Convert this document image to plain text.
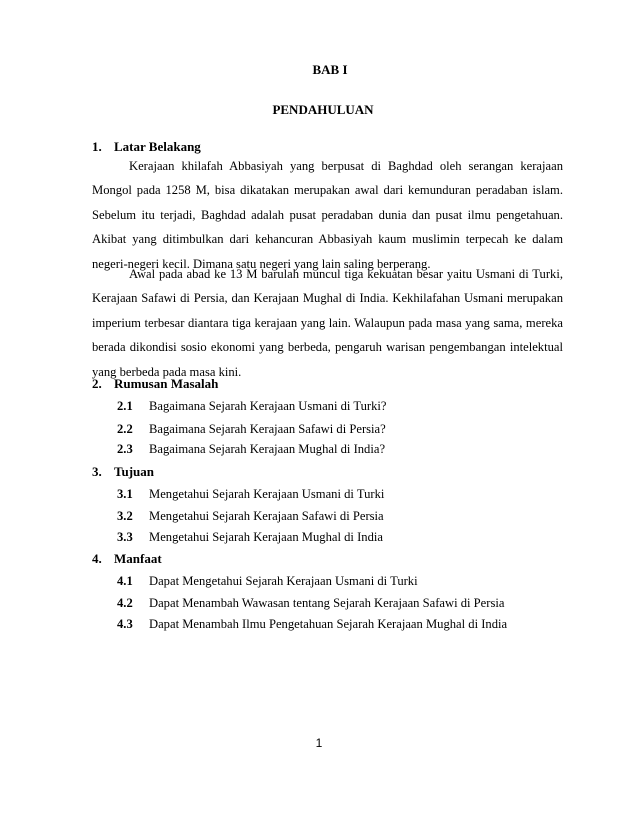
BAB I
PENDAHULUAN
1. Latar Belakang

Kerajaan khilafah Abbasiyah yang berpusat di Baghdad oleh serangan kerajaan Mongol pada 1258 M, bisa dikatakan merupakan awal dari kemunduran peradaban islam. Sebelum itu terjadi, Baghdad adalah pusat peradaban dunia dan pusat ilmu pengetahuan. Akibat yang ditimbulkan dari kehancuran Abbasiyah kaum muslimin terpecah ke dalam negeri-negeri kecil. Dimana satu negeri yang lain saling berperang.

Awal pada abad ke 13 M barulah muncul tiga kekuatan besar yaitu Usmani di Turki, Kerajaan Safawi di Persia, dan Kerajaan Mughal di India. Kekhilafahan Usmani merupakan imperium terbesar diantara tiga kerajaan yang lain. Walaupun pada masa yang sama, mereka berada dikondisi sosio ekonomi yang berbeda, pengaruh warisan pengembangan intelektual yang berbeda pada masa kini.

2. Rumusan Masalah
2.1 Bagaimana Sejarah Kerajaan Usmani di Turki?
2.2 Bagaimana Sejarah Kerajaan Safawi di Persia?
2.3 Bagaimana Sejarah Kerajaan Mughal di India?
3. Tujuan
3.1 Mengetahui Sejarah Kerajaan Usmani di Turki
3.2 Mengetahui Sejarah Kerajaan Safawi di Persia
3.3 Mengetahui Sejarah Kerajaan Mughal di India
4. Manfaat
4.1 Dapat Mengetahui Sejarah Kerajaan Usmani di Turki
4.2 Dapat Menambah Wawasan tentang Sejarah Kerajaan Safawi di Persia
4.3 Dapat Menambah Ilmu Pengetahuan Sejarah Kerajaan Mughal di India
1
